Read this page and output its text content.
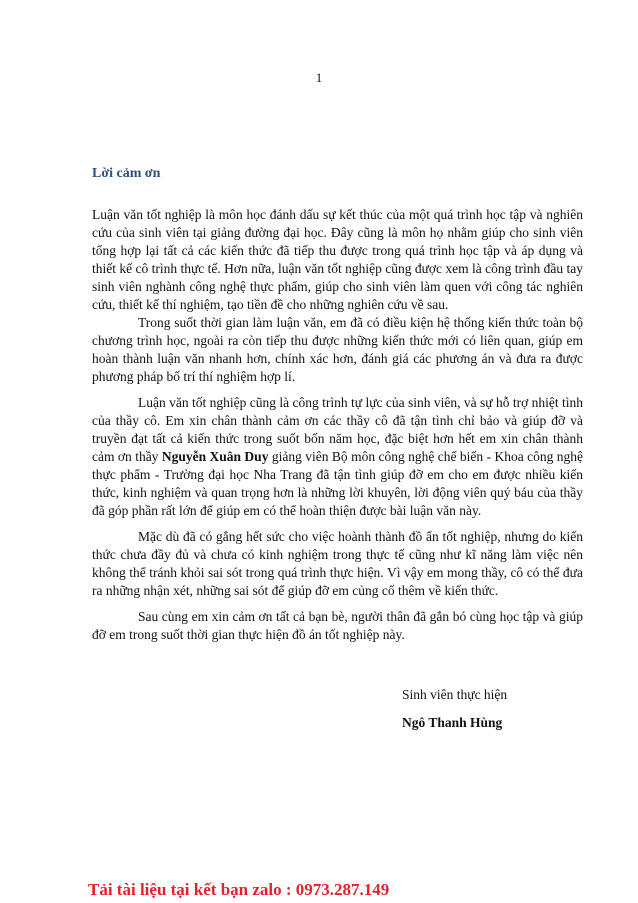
1
Lời cảm ơn

Luận văn tốt nghiệp là môn học đánh dấu sự kết thúc của một quá trình học tập và nghiên cứu của sinh viên tại giảng đường đại học. Đây cũng là môn họ nhằm giúp cho sinh viên tổng hợp lại tất cả các kiến thức đã tiếp thu được trong quá trình học tập và áp dụng và thiết kế cô trình thực tế. Hơn nữa, luận văn tốt nghiệp cũng được xem là công trình đầu tay sinh viên nghành công nghệ thực phẩm, giúp cho sinh viên làm quen với công tác nghiên cứu, thiết kế thí nghiệm, tạo tiền đề cho những nghiên cứu về sau.

Trong suốt thời gian làm luận văn, em đã có điều kiện hệ thống kiến thức toàn bộ chương trình học, ngoài ra còn tiếp thu được những kiến thức mới có liên quan, giúp em hoàn thành luận văn nhanh hơn, chính xác hơn, đánh giá các phương án và đưa ra được phương pháp bố trí thí nghiệm hợp lí.

Luận văn tốt nghiệp cũng là công trình tự lực của sinh viên, và sự hỗ trợ nhiệt tình của thầy cô. Em xin chân thành cảm ơn các thầy cô đã tận tình chỉ bảo và giúp đỡ và truyền đạt tất cả kiến thức trong suốt bốn năm học, đặc biệt hơn hết em xin chân thành cảm ơn thầy Nguyễn Xuân Duy giảng viên Bộ môn công nghệ chế biến - Khoa công nghệ thực phẩm - Trường đại học Nha Trang đã tận tình giúp đỡ em cho em được nhiều kiến thức, kinh nghiệm và quan trọng hơn là những lời khuyên, lời động viên quý báu của thầy đã góp phần rất lớn để giúp em có thể hoàn thiện được bài luận văn này.

Mặc dù đã có gắng hết sức cho việc hoành thành đồ ẩn tốt nghiệp, nhưng do kiến thức chưa đầy đủ và chưa có kinh nghiệm trong thực tế cũng như kĩ năng làm việc nên không thể tránh khỏi sai sót trong quá trình thực hiện. Vì vậy em mong thầy, cô có thể đưa ra những nhận xét, những sai sót để giúp đỡ em củng cố thêm về kiến thức.

Sau cùng em xin cảm ơn tất cả bạn bè, người thân đã gắn bó cùng học tập và giúp đỡ em trong suốt thời gian thực hiện đồ án tốt nghiệp này.

Sinh viên thực hiện

Ngô Thanh Hùng

Tải tài liệu tại kết bạn zalo : 0973.287.149
